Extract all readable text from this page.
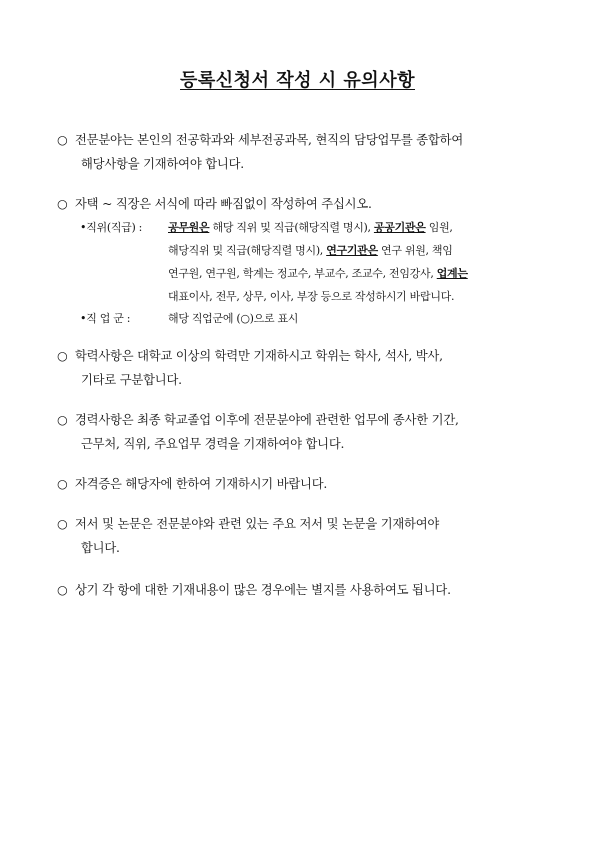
등록신청서 작성 시 유의사항
○ 전문분야는 본인의 전공학과와 세부전공과목, 현직의 담당업무를 종합하여
해당사항을 기재하여야 합니다.
○ 자택 ~ 직장은 서식에 따라 빠짐없이 작성하여 주십시오.
•직위(직급) : 공무원은 해당 직위 및 직급(해당직렬 명시), 공공기관은 임원,
해당직위 및 직급(해당직렬 명시), 연구기관은 연구 위원, 책임
연구원, 연구원, 학계는 정교수, 부교수, 조교수, 전임강사, 업계는
대표이사, 전무, 상무, 이사, 부장 등으로 작성하시기 바랍니다.
•직 업 군 :	해당 직업군에 (○)으로 표시
○ 학력사항은 대학교 이상의 학력만 기재하시고 학위는 학사, 석사, 박사,
기타로 구분합니다.
○ 경력사항은 최종 학교졸업 이후에 전문분야에 관련한 업무에 종사한 기간,
근무처, 직위, 주요업무 경력을 기재하여야 합니다.
○ 자격증은 해당자에 한하여 기재하시기 바랍니다.
○ 저서 및 논문은 전문분야와 관련 있는 주요 저서 및 논문을 기재하여야
합니다.
○ 상기 각 항에 대한 기재내용이 많은 경우에는 별지를 사용하여도 됩니다.
